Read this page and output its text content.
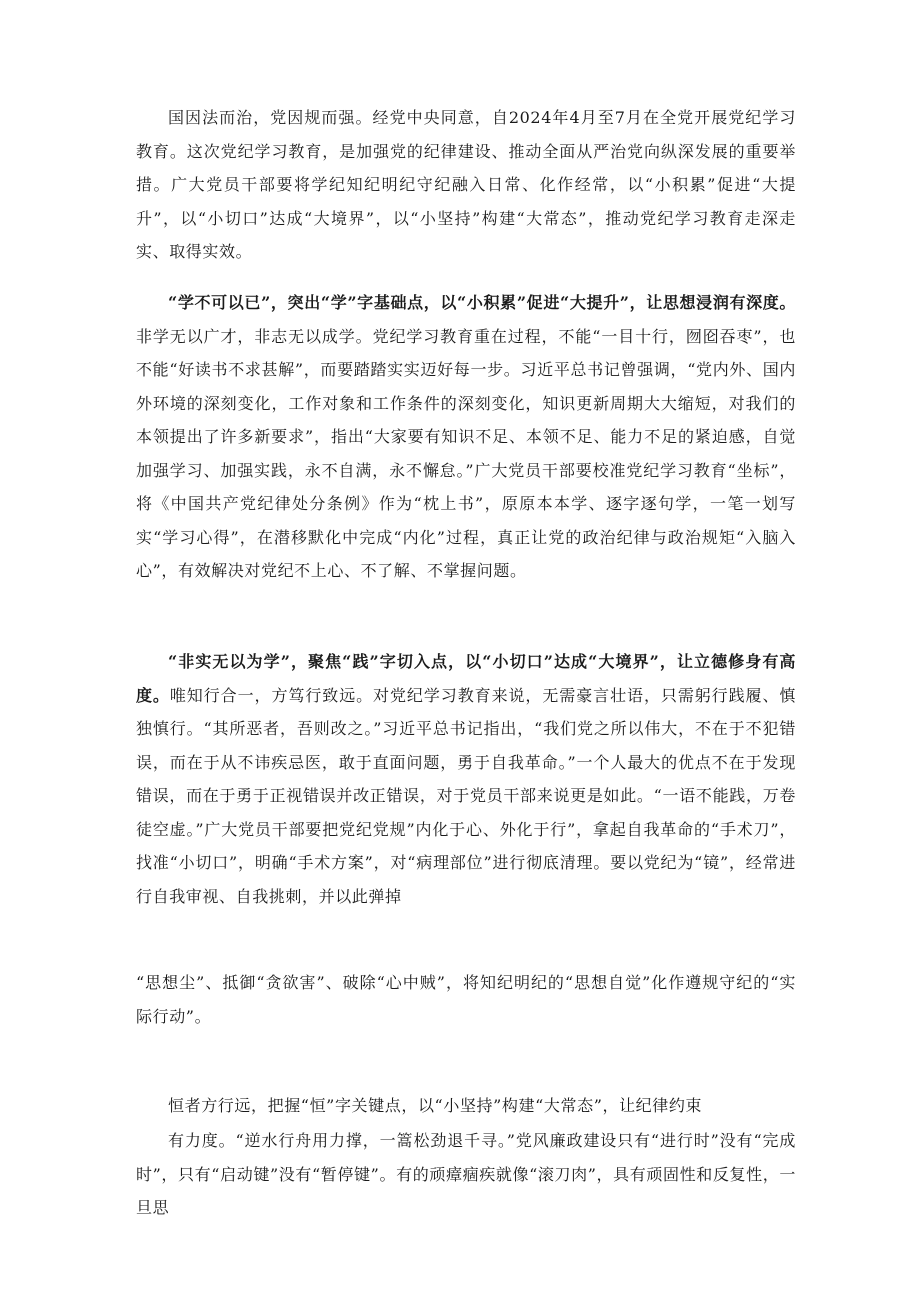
国因法而治，党因规而强。经党中央同意，自2024年4月至7月在全党开展党纪学习教育。这次党纪学习教育，是加强党的纪律建设、推动全面从严治党向纵深发展的重要举措。广大党员干部要将学纪知纪明纪守纪融入日常、化作经常，以“小积累”促进“大提升”，以“小切口”达成“大境界”，以“小坚持”构建“大常态”，推动党纪学习教育走深走实、取得实效。

“学不可以已”，突出“学”字基础点，以“小积累”促进“大提升”，让思想浸润有深度。非学无以广才，非志无以成学。党纪学习教育重在过程，不能“一目十行，囫囵吞枣”，也不能“好读书不求甚解”，而要踏踏实实迈好每一步。习近平总书记曾强调，“党内外、国内外环境的深刻变化，工作对象和工作条件的深刻变化，知识更新周期大大缩短，对我们的本领提出了许多新要求”，指出“大家要有知识不足、本领不足、能力不足的紧迫感，自觉加强学习、加强实践，永不自满，永不懈怠。”广大党员干部要校准党纪学习教育“坐标”，将《中国共产党纪律处分条例》作为“枕上书”，原原本本学、逐字逐句学，一笔一划写实“学习心得”，在潜移默化中完成“内化”过程，真正让党的政治纪律与政治规矩“入脑入心”，有效解决对党纪不上心、不了解、不掌握问题。

“非实无以为学”，聚焦“践”字切入点，以“小切口”达成“大境界”，让立德修身有高度。唯知行合一，方笃行致远。对党纪学习教育来说，无需豪言壮语，只需躬行践履、慎独慎行。“其所恶者，吾则改之。”习近平总书记指出，“我们党之所以伟大，不在于不犯错误，而在于从不讳疾忌医，敢于直面问题，勇于自我革命。”一个人最大的优点不在于发现错误，而在于勇于正视错误并改正错误，对于党员干部来说更是如此。“一语不能践，万卷徒空虚。”广大党员干部要把党纪党规”内化于心、外化于行”，拿起自我革命的“手术刀”，找准“小切口”，明确“手术方案”，对“病理部位”进行彻底清理。要以党纪为“镜”，经常进行自我审视、自我挑刺，并以此弹掉

“思想尘”、抵御“贪欲害”、破除“心中贼”，将知纪明纪的“思想自觉”化作遵规守纪的“实际行动”。

恒者方行远，把握“恒”字关键点，以“小坚持”构建“大常态”，让纪律约束

有力度。“逆水行舟用力撑，一篙松劲退千寻。”党风廉政建设只有“进行时”没有“完成时”，只有“启动键”没有“暂停键”。有的顽瘴痼疾就像“滚刀肉”，具有顽固性和反复性，一旦思
